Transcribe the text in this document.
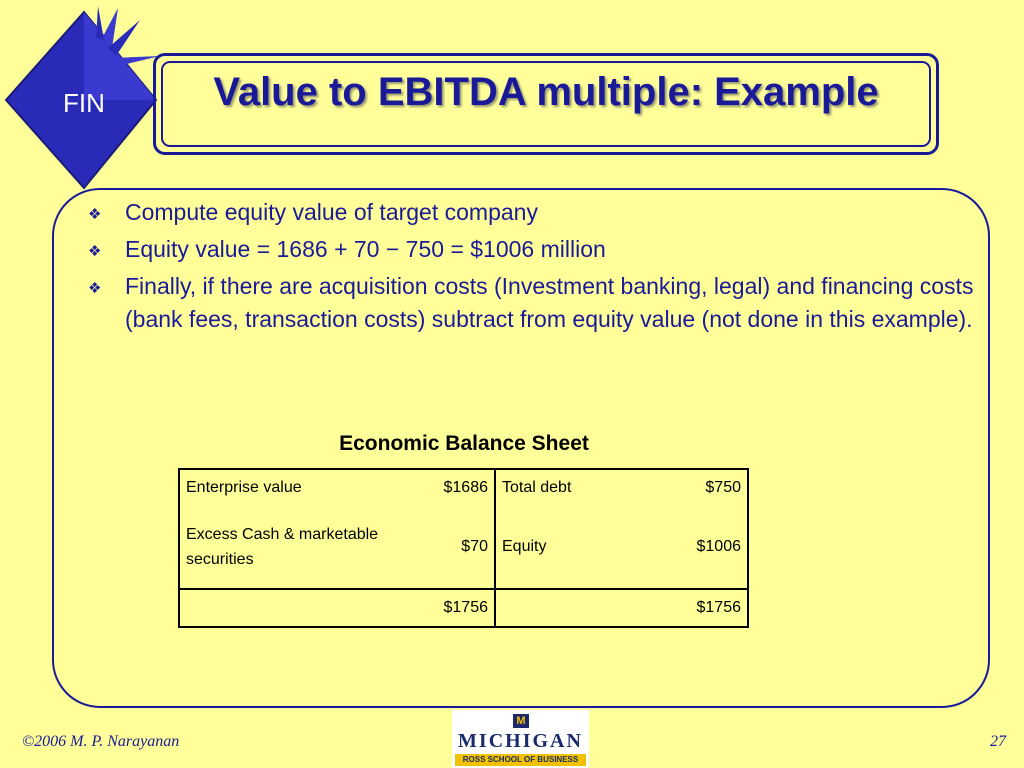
FIN	Value to EBITDA multiple: Example
❖ Compute equity value of target company
❖ Equity value = 1686 + 70 − 750 = $1006 million
❖ Finally, if there are acquisition costs (Investment banking, legal) and financing costs (bank fees, transaction costs) subtract from equity value (not done in this example).
Economic Balance Sheet
Enterprise value	$1686	Total debt	$750
Excess Cash & marketable securities	$70	Equity	$1006
	$1756		$1756
©2006 M. P. Narayanan
M
MICHIGAN
ROSS SCHOOL OF BUSINESS
27
